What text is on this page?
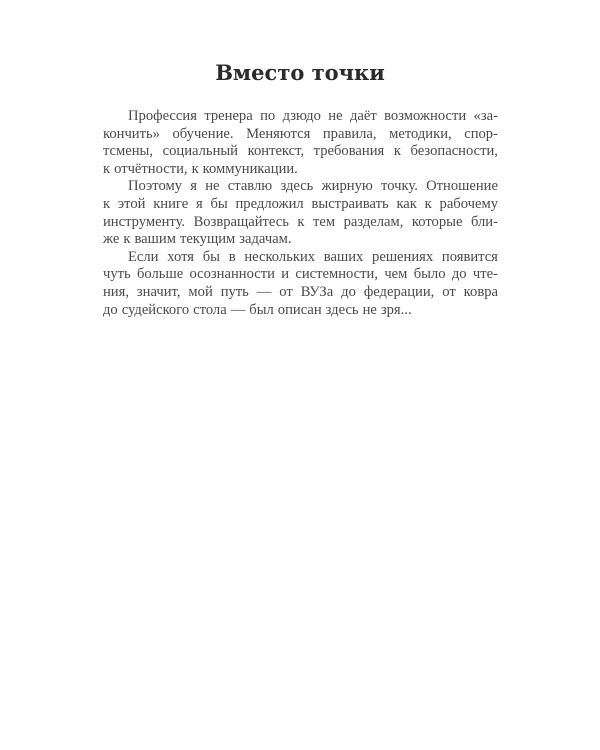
Вместо точки
Профессия тренера по дзюдо не даёт возможности «за-
кончить» обучение. Меняются правила, методики, спор-
тсмены, социальный контекст, требования к безопасности,
к отчётности, к коммуникации.
Поэтому я не ставлю здесь жирную точку. Отношение
к этой книге я бы предложил выстраивать как к рабочему
инструменту. Возвращайтесь к тем разделам, которые бли-
же к вашим текущим задачам.
Если хотя бы в нескольких ваших решениях появится
чуть больше осознанности и системности, чем было до чте-
ния, значит, мой путь — от ВУЗа до федерации, от ковра
до судейского стола — был описан здесь не зря...
